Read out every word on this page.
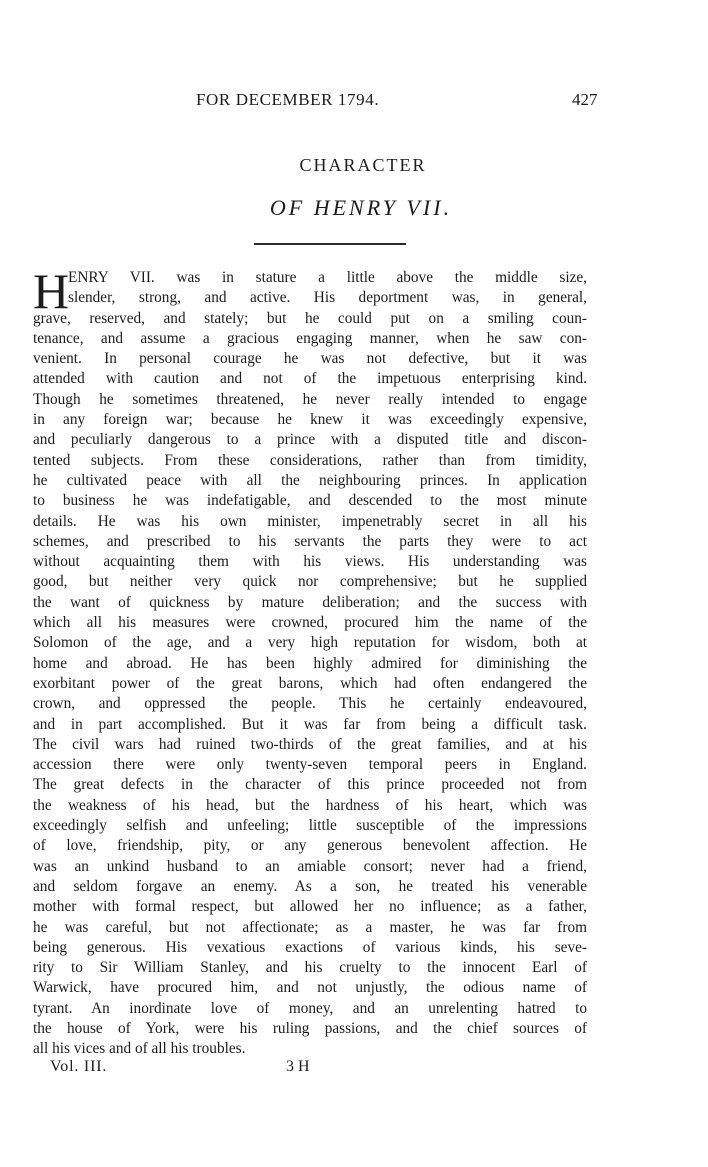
FOR DECEMBER 1794.	427
CHARACTER
OF HENRY VII.
H
ENRY VII. was in stature a little above the middle size,
slender, strong, and active. His deportment was, in general,
grave, reserved, and stately; but he could put on a smiling coun-
tenance, and assume a gracious engaging manner, when he saw con-
venient. In personal courage he was not defective, but it was
attended with caution and not of the impetuous enterprising kind.
Though he sometimes threatened, he never really intended to engage
in any foreign war; because he knew it was exceedingly expensive,
and peculiarly dangerous to a prince with a disputed title and discon-
tented subjects. From these considerations, rather than from timidity,
he cultivated peace with all the neighbouring princes. In application
to business he was indefatigable, and descended to the most minute
details. He was his own minister, impenetrably secret in all his
schemes, and prescribed to his servants the parts they were to act
without acquainting them with his views. His understanding was
good, but neither very quick nor comprehensive; but he supplied
the want of quickness by mature deliberation; and the success with
which all his measures were crowned, procured him the name of the
Solomon of the age, and a very high reputation for wisdom, both at
home and abroad. He has been highly admired for diminishing the
exorbitant power of the great barons, which had often endangered the
crown, and oppressed the people. This he certainly endeavoured,
and in part accomplished. But it was far from being a difficult task.
The civil wars had ruined two-thirds of the great families, and at his
accession there were only twenty-seven temporal peers in England.
The great defects in the character of this prince proceeded not from
the weakness of his head, but the hardness of his heart, which was
exceedingly selfish and unfeeling; little susceptible of the impressions
of love, friendship, pity, or any generous benevolent affection. He
was an unkind husband to an amiable consort; never had a friend,
and seldom forgave an enemy. As a son, he treated his venerable
mother with formal respect, but allowed her no influence; as a father,
he was careful, but not affectionate; as a master, he was far from
being generous. His vexatious exactions of various kinds, his seve-
rity to Sir William Stanley, and his cruelty to the innocent Earl of
Warwick, have procured him, and not unjustly, the odious name of
tyrant. An inordinate love of money, and an unrelenting hatred to
the house of York, were his ruling passions, and the chief sources of
all his vices and of all his troubles.
Vol. III.	3 H
